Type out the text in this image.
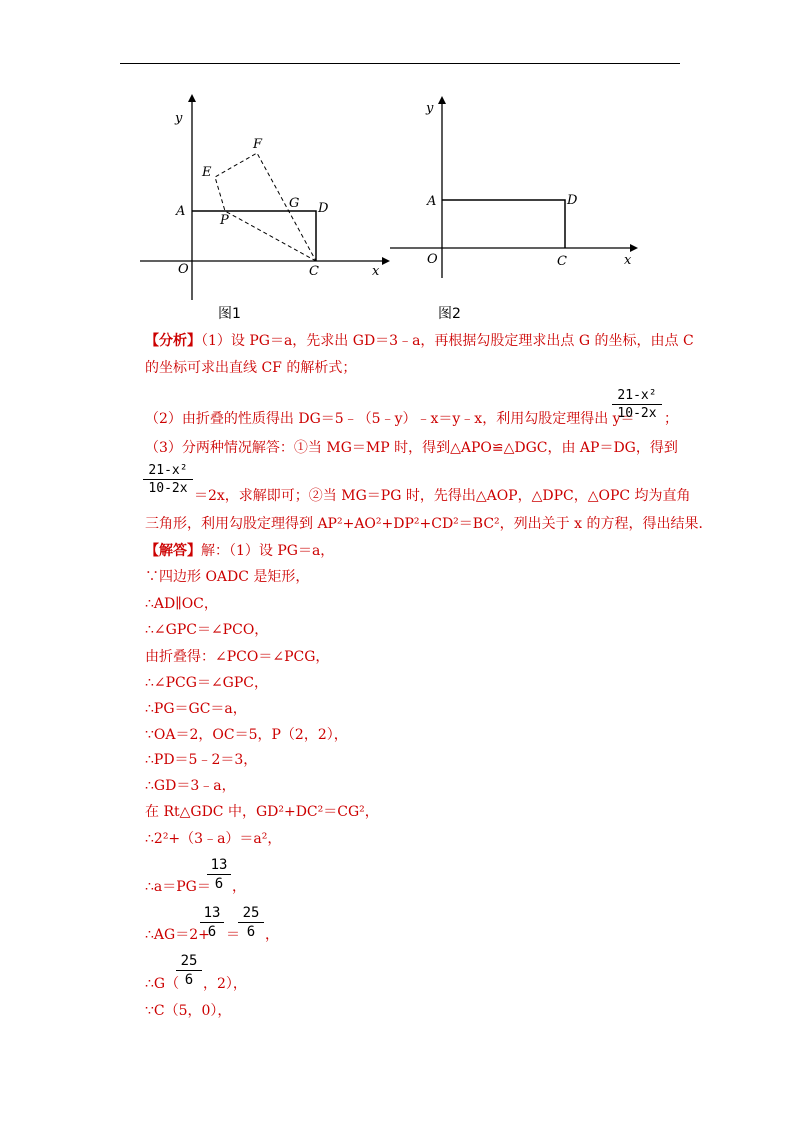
y
x
O
A	D
C
E
F
P
G
图1
y
x
O
A	D
C
图2
【分析】（1）设 PG＝a，先求出 GD＝3﹣a，再根据勾股定理求出点 G 的坐标，由点 C
的坐标可求出直线 CF 的解析式；
（2）由折叠的性质得出 DG＝5﹣（5﹣y）﹣x＝y﹣x，利用勾股定理得出 y＝
21-x²
10-2x ；
（3）分两种情况解答：①当 MG＝MP 时，得到△APO≌△DGC，由 AP＝DG，得到
21-x²
10-2x ＝2x，求解即可；②当 MG＝PG 时，先得出△AOP，△DPC，△OPC 均为直角
三角形，利用勾股定理得到 AP²+AO²+DP²+CD²＝BC²，列出关于 x 的方程，得出结果．
【解答】解：（1）设 PG＝a，
∵四边形 OADC 是矩形，
∴AD∥OC，
∴∠GPC＝∠PCO，
由折叠得：∠PCO＝∠PCG，
∴∠PCG＝∠GPC，
∴PG＝GC＝a，
∵OA＝2，OC＝5，P（2，2），
∴PD＝5﹣2＝3，
∴GD＝3﹣a，
在 Rt△GDC 中，GD²+DC²＝CG²，
∴2²+（3﹣a）＝a²，
∴a＝PG＝
13
6 ，
∴AG＝2+
13
6 ＝
25
6 ，
∴G（
25
6 ，2），
∵C（5，0），
